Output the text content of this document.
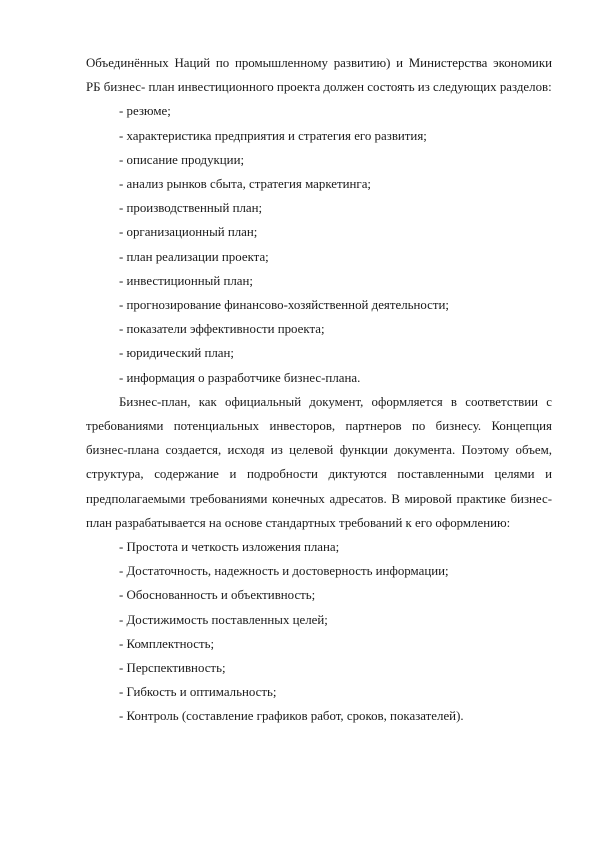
Объединённых Наций по промышленному развитию) и Министерства экономики РБ бизнес- план инвестиционного проекта должен состоять из следующих разделов:

- резюме;

- характеристика предприятия и стратегия его развития;

- описание продукции;

- анализ рынков сбыта, стратегия маркетинга;

- производственный план;

- организационный план;

- план реализации проекта;

- инвестиционный план;

- прогнозирование финансово-хозяйственной деятельности;

- показатели эффективности проекта;

- юридический план;

- информация о разработчике бизнес-плана.

Бизнес-план, как официальный документ, оформляется в соответствии с требованиями потенциальных инвесторов, партнеров по бизнесу. Концепция бизнес-плана создается, исходя из целевой функции документа. Поэтому объем, структура, содержание и подробности диктуются поставленными целями и предполагаемыми требованиями конечных адресатов. В мировой практике бизнес-план разрабатывается на основе стандартных требований к его оформлению:

- Простота и четкость изложения плана;

- Достаточность, надежность и достоверность информации;

- Обоснованность и объективность;

- Достижимость поставленных целей;

- Комплектность;

- Перспективность;

- Гибкость и оптимальность;

- Контроль (составление графиков работ, сроков, показателей).
